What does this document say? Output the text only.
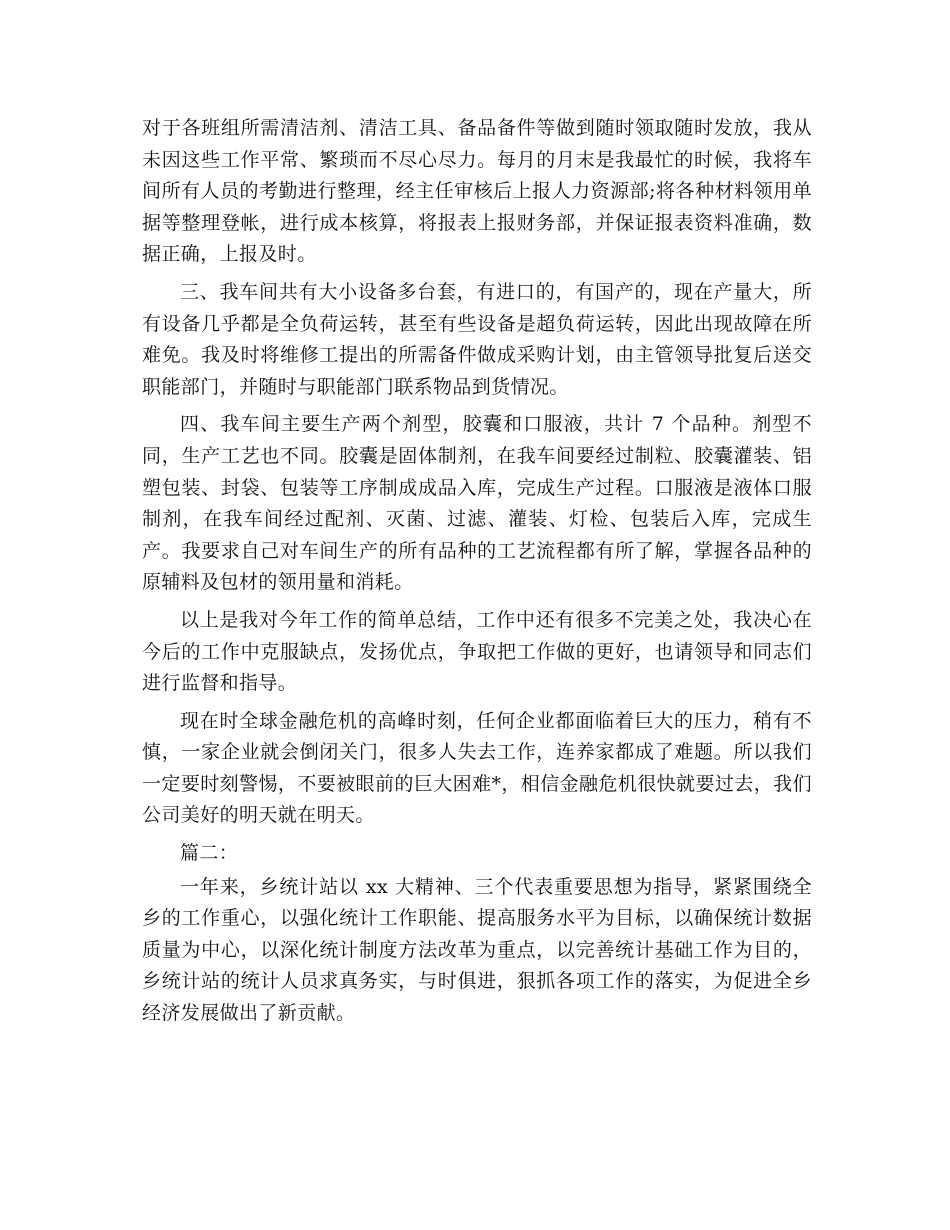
对于各班组所需清洁剂、清洁工具、备品备件等做到随时领取随时发放，我从未因这些工作平常、繁琐而不尽心尽力。每月的月末是我最忙的时候，我将车间所有人员的考勤进行整理，经主任审核后上报人力资源部;将各种材料领用单据等整理登帐，进行成本核算，将报表上报财务部，并保证报表资料准确，数据正确，上报及时。

三、我车间共有大小设备多台套，有进口的，有国产的，现在产量大，所有设备几乎都是全负荷运转，甚至有些设备是超负荷运转，因此出现故障在所难免。我及时将维修工提出的所需备件做成采购计划，由主管领导批复后送交职能部门，并随时与职能部门联系物品到货情况。

四、我车间主要生产两个剂型，胶囊和口服液，共计 7 个品种。剂型不同，生产工艺也不同。胶囊是固体制剂，在我车间要经过制粒、胶囊灌装、铝塑包装、封袋、包装等工序制成成品入库，完成生产过程。口服液是液体口服制剂，在我车间经过配剂、灭菌、过滤、灌装、灯检、包装后入库，完成生产。我要求自己对车间生产的所有品种的工艺流程都有所了解，掌握各品种的原辅料及包材的领用量和消耗。

以上是我对今年工作的简单总结，工作中还有很多不完美之处，我决心在今后的工作中克服缺点，发扬优点，争取把工作做的更好，也请领导和同志们进行监督和指导。

现在时全球金融危机的高峰时刻，任何企业都面临着巨大的压力，稍有不慎，一家企业就会倒闭关门，很多人失去工作，连养家都成了难题。所以我们一定要时刻警惕，不要被眼前的巨大困难*，相信金融危机很快就要过去，我们公司美好的明天就在明天。

篇二：

一年来，乡统计站以 xx 大精神、三个代表重要思想为指导，紧紧围绕全乡的工作重心，以强化统计工作职能、提高服务水平为目标，以确保统计数据质量为中心，以深化统计制度方法改革为重点，以完善统计基础工作为目的，乡统计站的统计人员求真务实，与时俱进，狠抓各项工作的落实，为促进全乡经济发展做出了新贡献。
